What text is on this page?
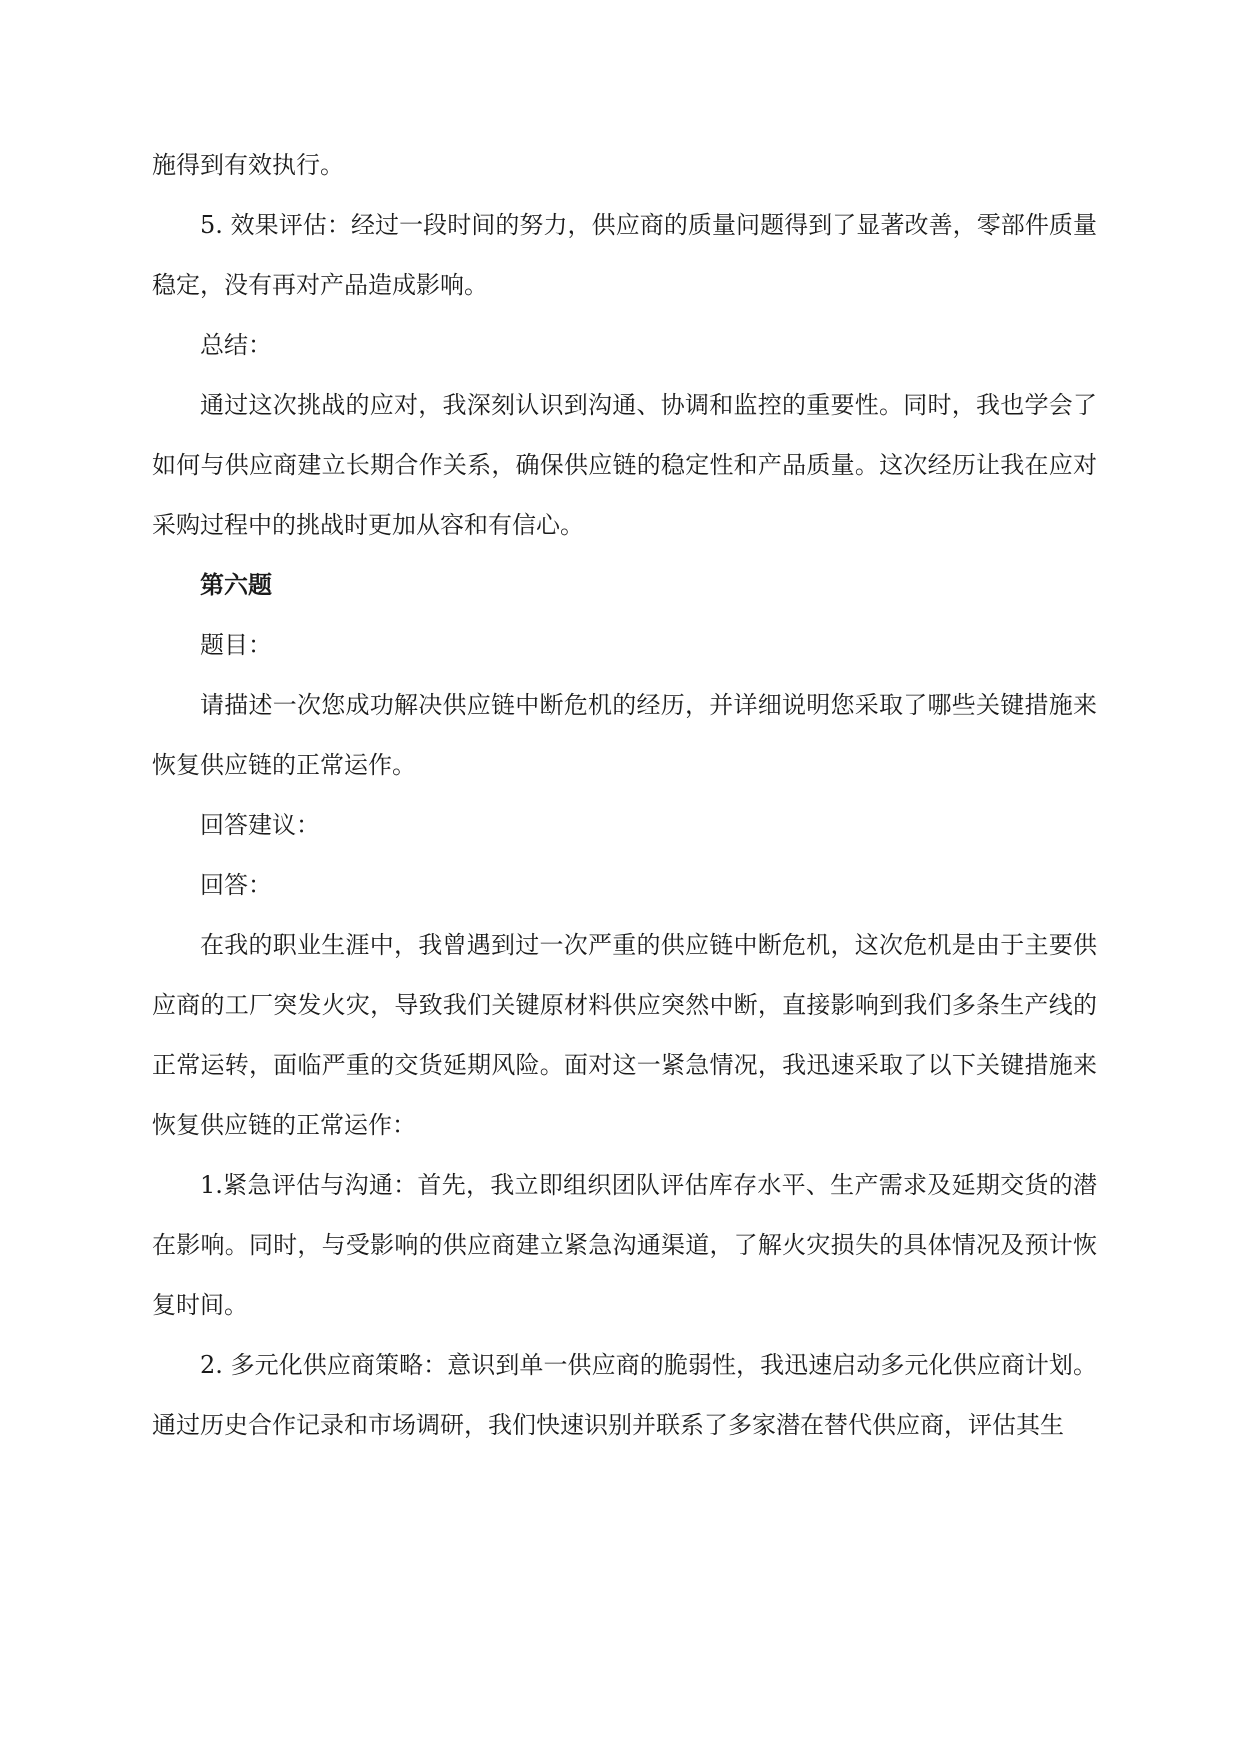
施得到有效执行。

5. 效果评估：经过一段时间的努力，供应商的质量问题得到了显著改善，零部件质量稳定，没有再对产品造成影响。

总结：

通过这次挑战的应对，我深刻认识到沟通、协调和监控的重要性。同时，我也学会了如何与供应商建立长期合作关系，确保供应链的稳定性和产品质量。这次经历让我在应对采购过程中的挑战时更加从容和有信心。

第六题

题目：

请描述一次您成功解决供应链中断危机的经历，并详细说明您采取了哪些关键措施来恢复供应链的正常运作。

回答建议：

回答：

在我的职业生涯中，我曾遇到过一次严重的供应链中断危机，这次危机是由于主要供应商的工厂突发火灾，导致我们关键原材料供应突然中断，直接影响到我们多条生产线的正常运转，面临严重的交货延期风险。面对这一紧急情况，我迅速采取了以下关键措施来恢复供应链的正常运作：

1.紧急评估与沟通：首先，我立即组织团队评估库存水平、生产需求及延期交货的潜在影响。同时，与受影响的供应商建立紧急沟通渠道，了解火灾损失的具体情况及预计恢复时间。

2. 多元化供应商策略：意识到单一供应商的脆弱性，我迅速启动多元化供应商计划。通过历史合作记录和市场调研，我们快速识别并联系了多家潜在替代供应商，评估其生
